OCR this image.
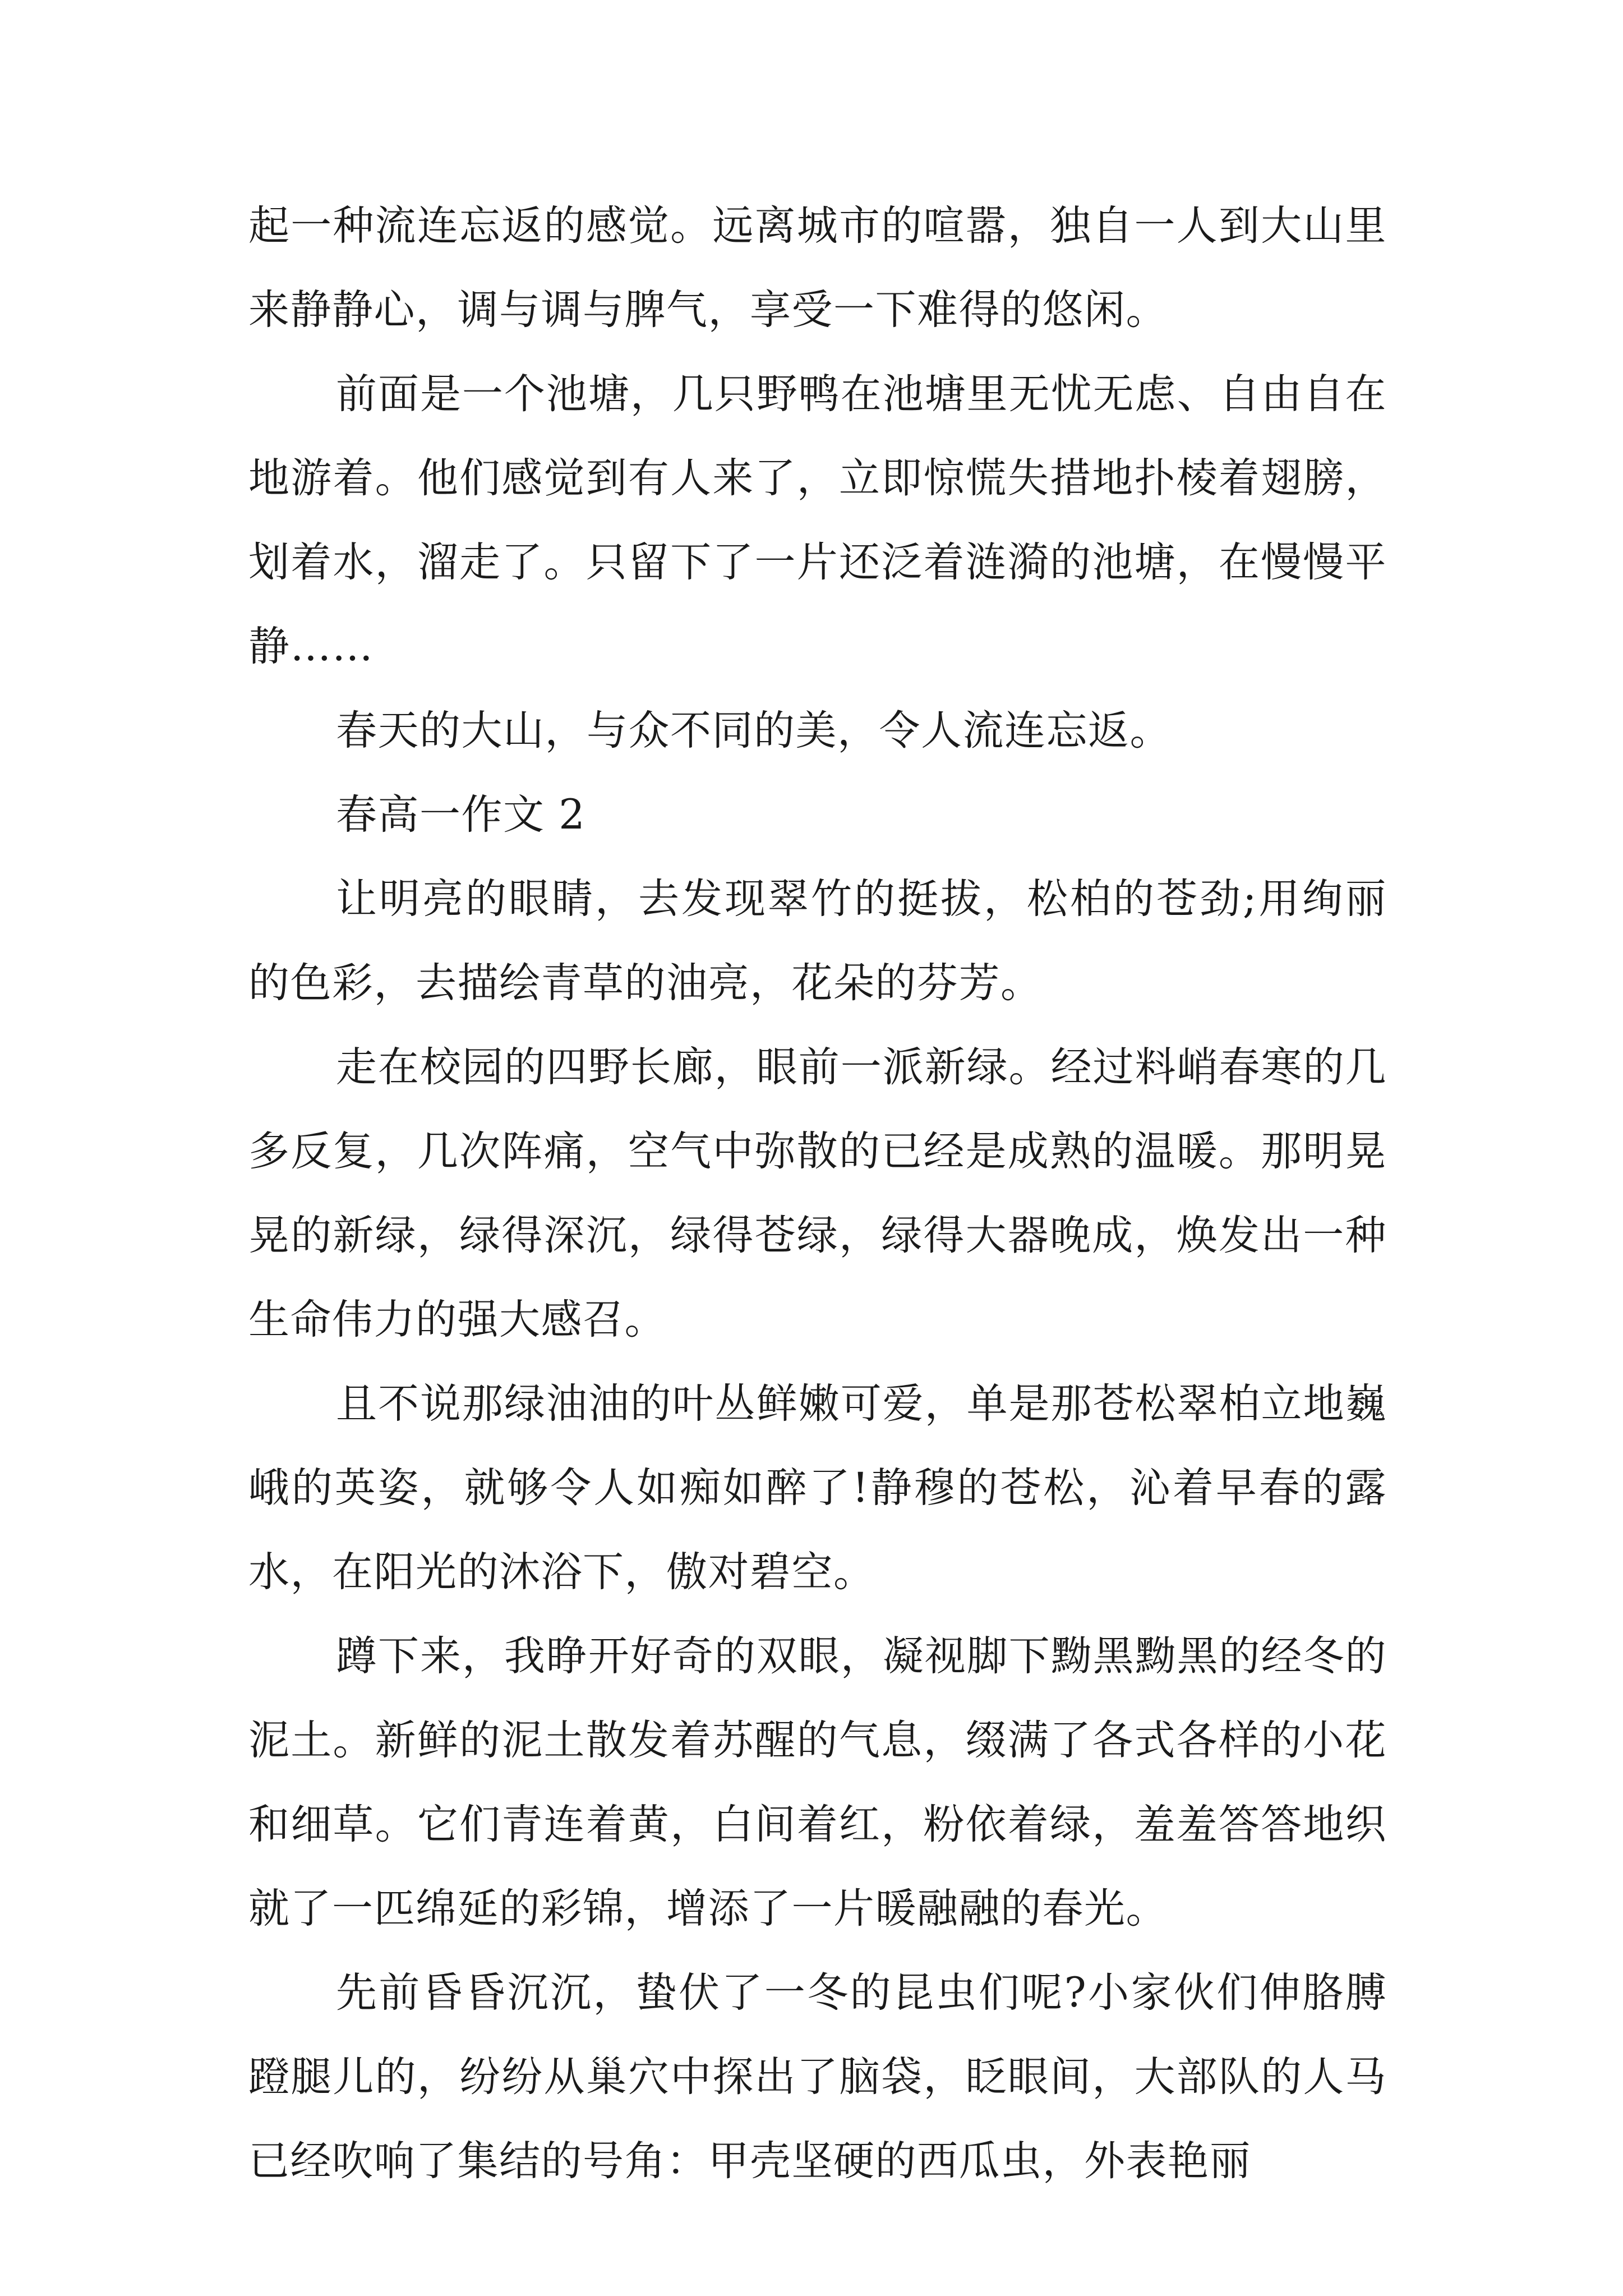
起一种流连忘返的感觉。远离城市的喧嚣，独自一人到大山里来静静心，调与调与脾气，享受一下难得的悠闲。

前面是一个池塘，几只野鸭在池塘里无忧无虑、自由自在地游着。他们感觉到有人来了，立即惊慌失措地扑棱着翅膀，划着水，溜走了。只留下了一片还泛着涟漪的池塘，在慢慢平静……

春天的大山，与众不同的美，令人流连忘返。

春高一作文 2

让明亮的眼睛，去发现翠竹的挺拔，松柏的苍劲;用绚丽的色彩，去描绘青草的油亮，花朵的芬芳。

走在校园的四野长廊，眼前一派新绿。经过料峭春寒的几多反复，几次阵痛，空气中弥散的已经是成熟的温暖。那明晃晃的新绿，绿得深沉，绿得苍绿，绿得大器晚成，焕发出一种生命伟力的强大感召。

且不说那绿油油的叶丛鲜嫩可爱，单是那苍松翠柏立地巍峨的英姿，就够令人如痴如醉了!静穆的苍松，沁着早春的露水，在阳光的沐浴下，傲对碧空。

蹲下来，我睁开好奇的双眼，凝视脚下黝黑黝黑的经冬的泥土。新鲜的泥土散发着苏醒的气息，缀满了各式各样的小花和细草。它们青连着黄，白间着红，粉依着绿，羞羞答答地织就了一匹绵延的彩锦，增添了一片暖融融的春光。

先前昏昏沉沉，蛰伏了一冬的昆虫们呢?小家伙们伸胳膊蹬腿儿的，纷纷从巢穴中探出了脑袋，眨眼间，大部队的人马已经吹响了集结的号角：甲壳坚硬的西瓜虫，外表艳丽
